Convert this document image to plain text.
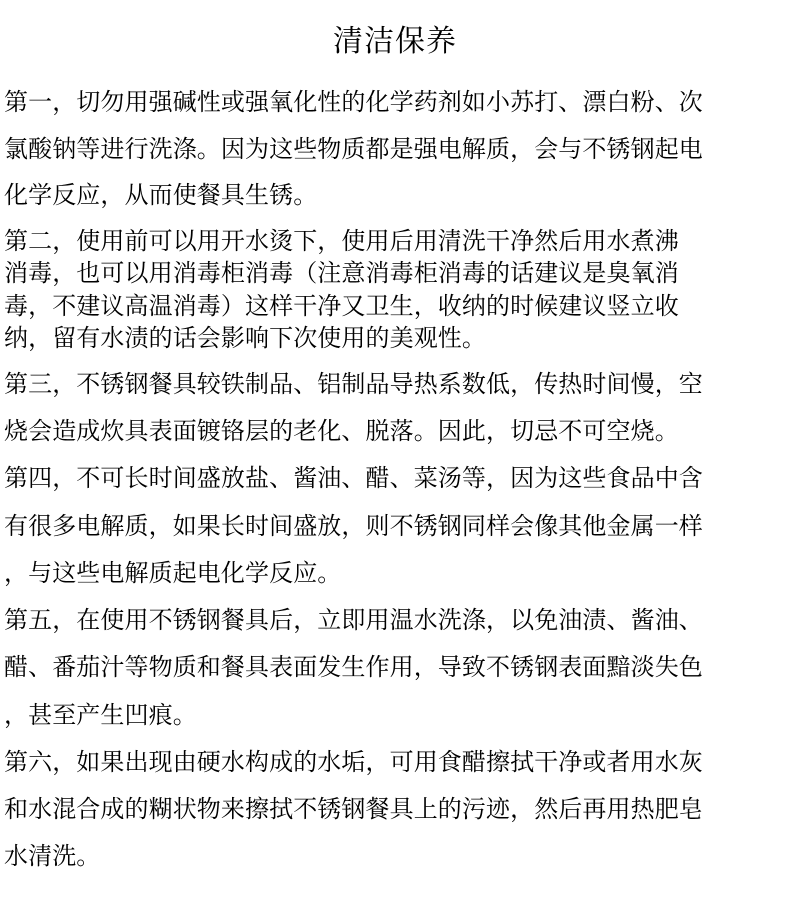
清洁保养
第一，切勿用强碱性或强氧化性的化学药剂如小苏打、漂白粉、次
氯酸钠等进行洗涤。因为这些物质都是强电解质，会与不锈钢起电
化学反应，从而使餐具生锈。
第二，使用前可以用开水烫下，使用后用清洗干净然后用水煮沸
消毒，也可以用消毒柜消毒（注意消毒柜消毒的话建议是臭氧消
毒，不建议高温消毒）这样干净又卫生，收纳的时候建议竖立收
纳，留有水渍的话会影响下次使用的美观性。
第三，不锈钢餐具较铁制品、铝制品导热系数低，传热时间慢，空
烧会造成炊具表面镀铬层的老化、脱落。因此，切忌不可空烧。
第四，不可长时间盛放盐、酱油、醋、菜汤等，因为这些食品中含
有很多电解质，如果长时间盛放，则不锈钢同样会像其他金属一样
，与这些电解质起电化学反应。
第五，在使用不锈钢餐具后，立即用温水洗涤，以免油渍、酱油、
醋、番茄汁等物质和餐具表面发生作用，导致不锈钢表面黯淡失色
，甚至产生凹痕。
第六，如果出现由硬水构成的水垢，可用食醋擦拭干净或者用水灰
和水混合成的糊状物来擦拭不锈钢餐具上的污迹，然后再用热肥皂
水清洗。
